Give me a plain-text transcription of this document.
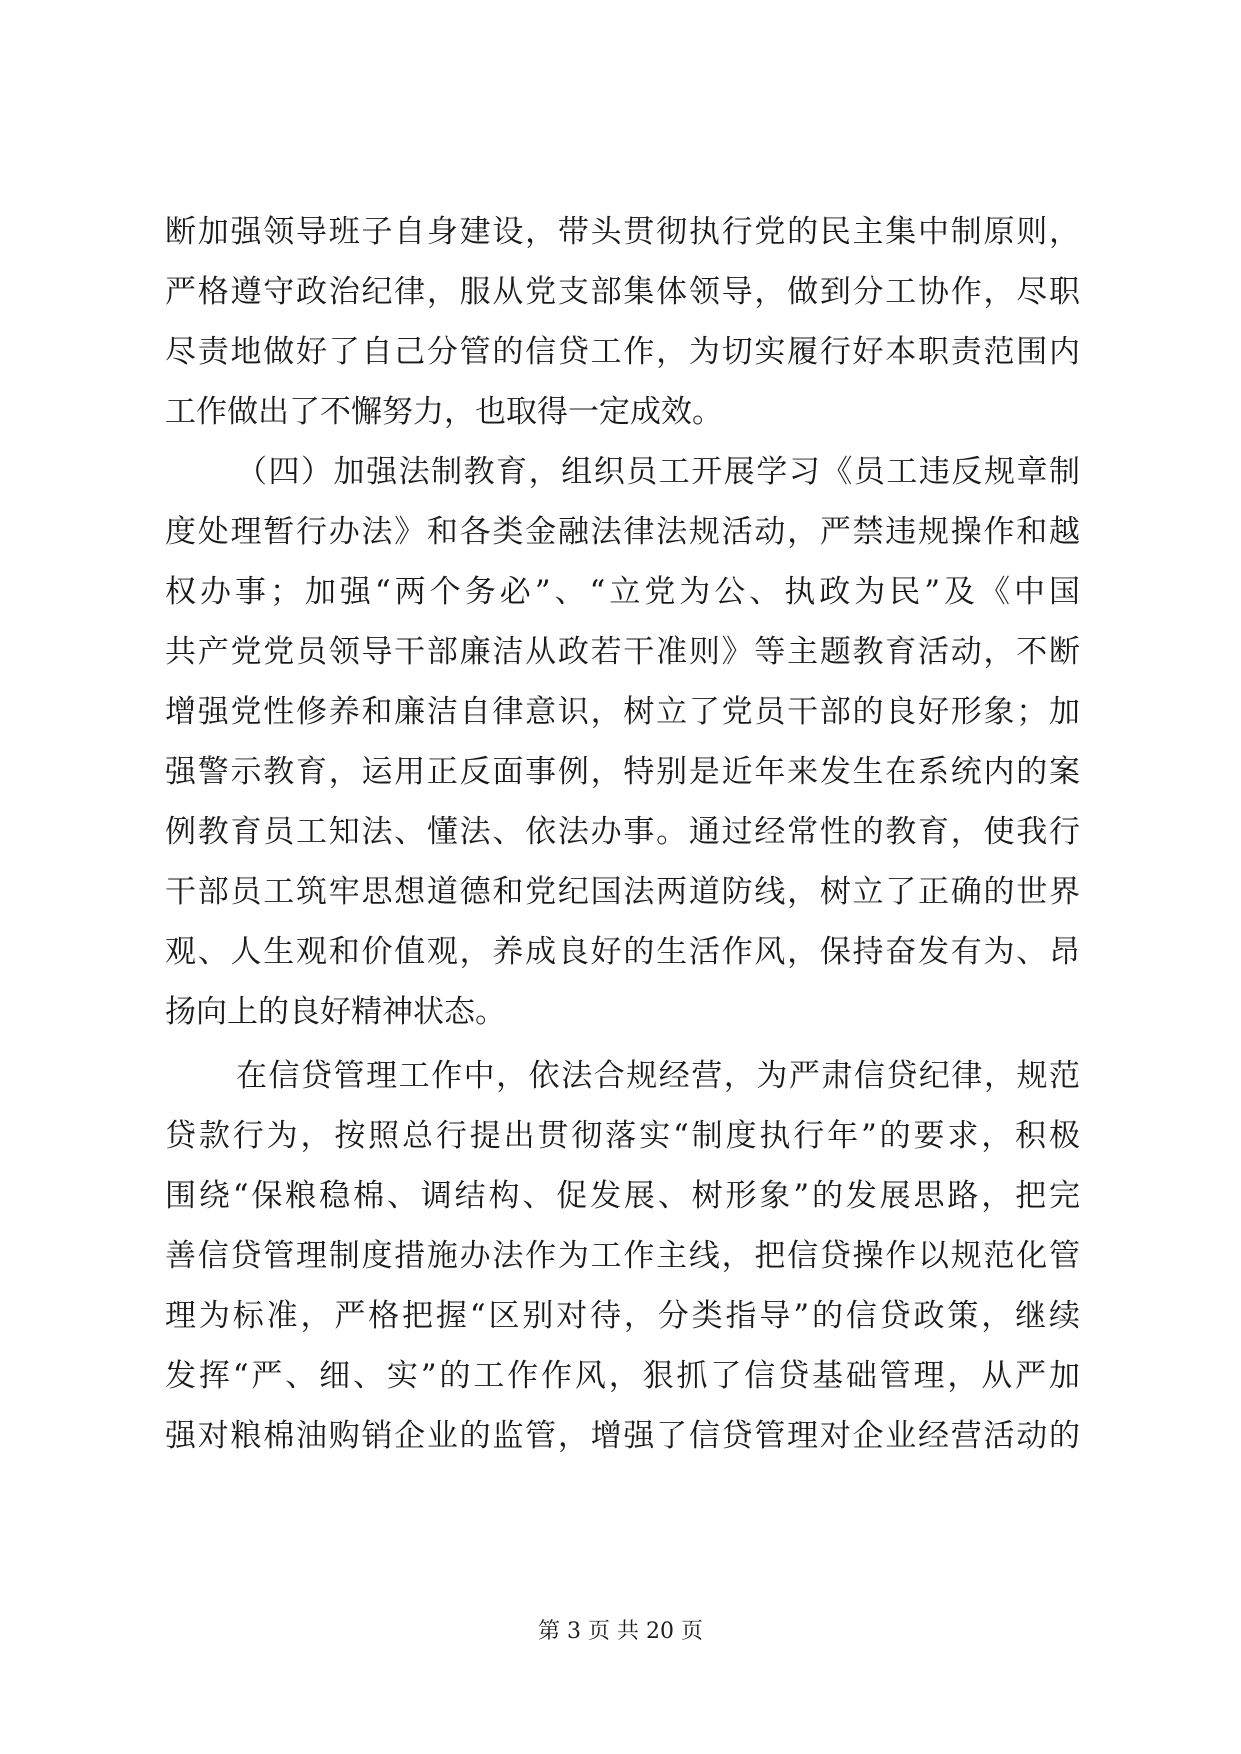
断加强领导班子自身建设，带头贯彻执行党的民主集中制原则，
严格遵守政治纪律，服从党支部集体领导，做到分工协作，尽职
尽责地做好了自己分管的信贷工作，为切实履行好本职责范围内
工作做出了不懈努力，也取得一定成效。
（四）加强法制教育，组织员工开展学习《员工违反规章制
度处理暂行办法》和各类金融法律法规活动，严禁违规操作和越
权办事；加强“两个务必”、“立党为公、执政为民”及《中国
共产党党员领导干部廉洁从政若干准则》等主题教育活动，不断
增强党性修养和廉洁自律意识，树立了党员干部的良好形象；加
强警示教育，运用正反面事例，特别是近年来发生在系统内的案
例教育员工知法、懂法、依法办事。通过经常性的教育，使我行
干部员工筑牢思想道德和党纪国法两道防线，树立了正确的世界
观、人生观和价值观，养成良好的生活作风，保持奋发有为、昂
扬向上的良好精神状态。
在信贷管理工作中，依法合规经营，为严肃信贷纪律，规范
贷款行为，按照总行提出贯彻落实“制度执行年”的要求，积极
围绕“保粮稳棉、调结构、促发展、树形象”的发展思路，把完
善信贷管理制度措施办法作为工作主线，把信贷操作以规范化管
理为标准，严格把握“区别对待，分类指导”的信贷政策，继续
发挥“严、细、实”的工作作风，狠抓了信贷基础管理，从严加
强对粮棉油购销企业的监管，增强了信贷管理对企业经营活动的
第 3 页 共 20 页
